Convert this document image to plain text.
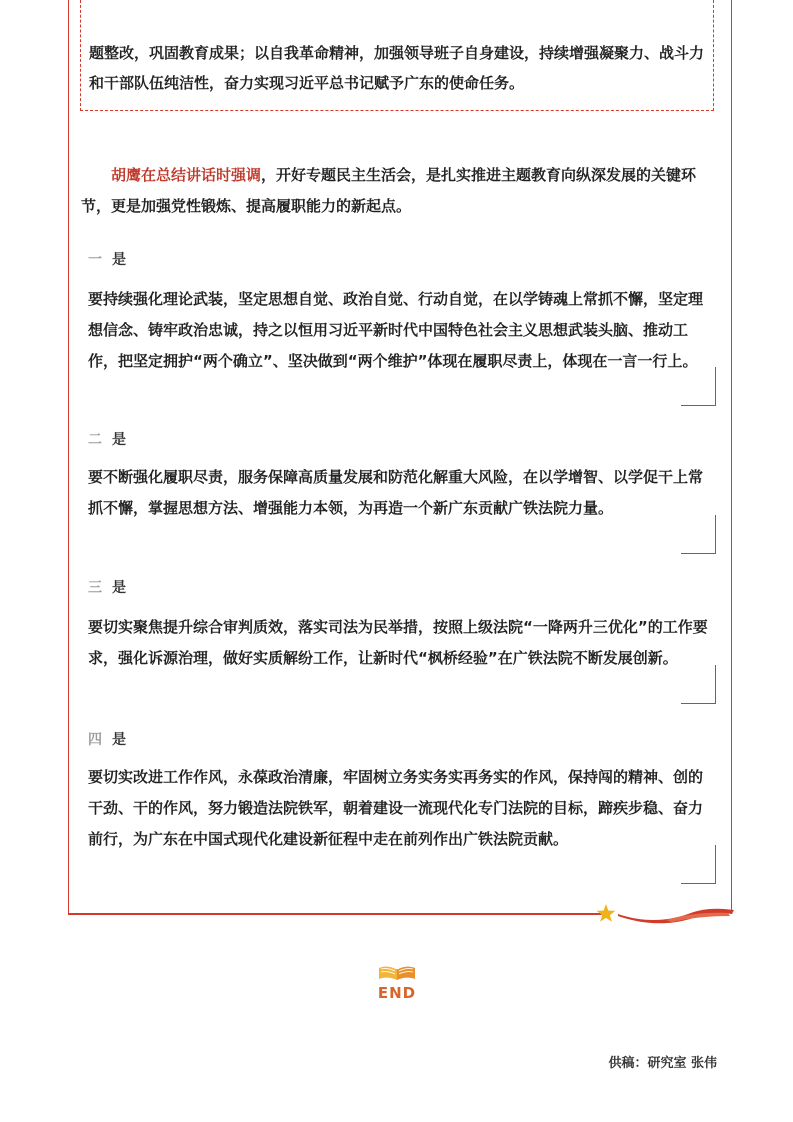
题整改，巩固教育成果；以自我革命精神，加强领导班子自身建设，持续增强凝聚力、战斗力和干部队伍纯洁性，奋力实现习近平总书记赋予广东的使命任务。
胡鹰在总结讲话时强调，开好专题民主生活会，是扎实推进主题教育向纵深发展的关键环节，更是加强党性锻炼、提高履职能力的新起点。
一 是
要持续强化理论武装，坚定思想自觉、政治自觉、行动自觉，在以学铸魂上常抓不懈，坚定理想信念、铸牢政治忠诚，持之以恒用习近平新时代中国特色社会主义思想武装头脑、推动工作，把坚定拥护“两个确立”、坚决做到“两个维护”体现在履职尽责上，体现在一言一行上。
二 是
要不断强化履职尽责，服务保障高质量发展和防范化解重大风险，在以学增智、以学促干上常抓不懈，掌握思想方法、增强能力本领，为再造一个新广东贡献广铁法院力量。
三 是
要切实聚焦提升综合审判质效，落实司法为民举措，按照上级法院“一降两升三优化”的工作要求，强化诉源治理，做好实质解纷工作，让新时代“枫桥经验”在广铁法院不断发展创新。
四 是
要切实改进工作作风，永葆政治清廉，牢固树立务实务实再务实的作风，保持闯的精神、创的干劲、干的作风，努力锻造法院铁军，朝着建设一流现代化专门法院的目标，蹄疾步稳、奋力前行，为广东在中国式现代化建设新征程中走在前列作出广铁法院贡献。
END
供稿：研究室 张伟
